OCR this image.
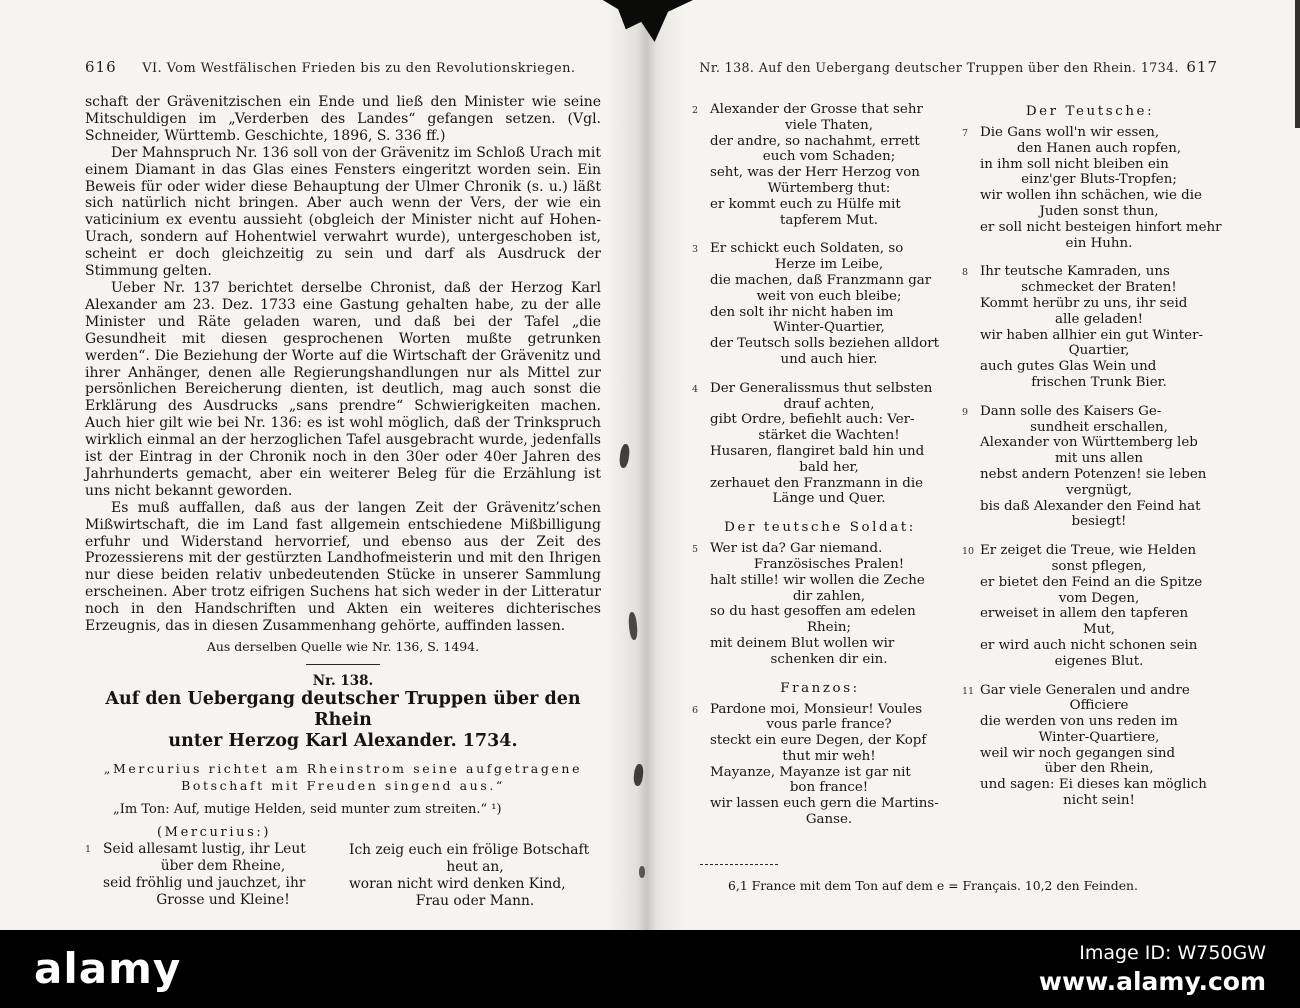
616	VI. Vom Westfälischen Frieden bis zu den Revolutionskriegen.

schaft der Grävenitzischen ein Ende und ließ den Minister wie seine Mitschuldigen im „Verderben des Landes“ gefangen setzen. (Vgl. Schneider, Württemb. Geschichte, 1896, S. 336 ff.)

Der Mahnspruch Nr. 136 soll von der Grävenitz im Schloß Urach mit einem Diamant in das Glas eines Fensters eingeritzt worden sein. Ein Beweis für oder wider diese Behauptung der Ulmer Chronik (s. u.) läßt sich natürlich nicht bringen. Aber auch wenn der Vers, der wie ein vaticinium ex eventu aussieht (obgleich der Minister nicht auf Hohen-Urach, sondern auf Hohentwiel verwahrt wurde), untergeschoben ist, scheint er doch gleichzeitig zu sein und darf als Ausdruck der Stimmung gelten.

Ueber Nr. 137 berichtet derselbe Chronist, daß der Herzog Karl Alexander am 23. Dez. 1733 eine Gastung gehalten habe, zu der alle Minister und Räte geladen waren, und daß bei der Tafel „die Gesundheit mit diesen gesprochenen Worten mußte getrunken werden“. Die Beziehung der Worte auf die Wirtschaft der Grävenitz und ihrer Anhänger, denen alle Regierungshandlungen nur als Mittel zur persönlichen Bereicherung dienten, ist deutlich, mag auch sonst die Erklärung des Ausdrucks „sans prendre“ Schwierigkeiten machen. Auch hier gilt wie bei Nr. 136: es ist wohl möglich, daß der Trinkspruch wirklich einmal an der herzoglichen Tafel ausgebracht wurde, jedenfalls ist der Eintrag in der Chronik noch in den 30er oder 40er Jahren des Jahrhunderts gemacht, aber ein weiterer Beleg für die Erzählung ist uns nicht bekannt geworden.

Es muß auffallen, daß aus der langen Zeit der Grävenitz’schen Mißwirtschaft, die im Land fast allgemein entschiedene Mißbilligung erfuhr und Widerstand hervorrief, und ebenso aus der Zeit des Prozessierens mit der gestürzten Landhofmeisterin und mit den Ihrigen nur diese beiden relativ unbedeutenden Stücke in unserer Sammlung erscheinen. Aber trotz eifrigen Suchens hat sich weder in der Litteratur noch in den Handschriften und Akten ein weiteres dichterisches Erzeugnis, das in diesen Zusammenhang gehörte, auffinden lassen.

Aus derselben Quelle wie Nr. 136, S. 1494.
Nr. 138.
Auf den Uebergang deutscher Truppen über den Rhein
unter Herzog Karl Alexander. 1734.
„Mercurius richtet am Rheinstrom seine aufgetragene
Botschaft mit Freuden singend aus.“
„Im Ton: Auf, mutige Helden, seid munter zum streiten.“ ¹)
(Mercurius:)
1 Seid allesamt lustig, ihr Leut
über dem Rheine,
seid fröhlig und jauchzet, ihr
Grosse und Kleine!
Ich zeig euch ein frölige Botschaft
heut an,
woran nicht wird denken Kind,
Frau oder Mann.
Nr. 138. Auf den Uebergang deutscher Truppen über den Rhein. 1734. 617
2 Alexander der Grosse that sehr
viele Thaten,
der andre, so nachahmt, errett
euch vom Schaden;
seht, was der Herr Herzog von
Würtemberg thut:
er kommt euch zu Hülfe mit
tapferem Mut.
3 Er schickt euch Soldaten, so
Herze im Leibe,
die machen, daß Franzmann gar
weit von euch bleibe;
den solt ihr nicht haben im
Winter-Quartier,
der Teutsch solls beziehen alldort
und auch hier.
4 Der Generalissmus thut selbsten
drauf achten,
gibt Ordre, befiehlt auch: Ver-
stärket die Wachten!
Husaren, flangiret bald hin und
bald her,
zerhauet den Franzmann in die
Länge und Quer.
Der teutsche Soldat:
5 Wer ist da? Gar niemand.
Französisches Pralen!
halt stille! wir wollen die Zeche
dir zahlen,
so du hast gesoffen am edelen
Rhein;
mit deinem Blut wollen wir
schenken dir ein.
Franzos:
6 Pardone moi, Monsieur! Voules
vous parle france?
steckt ein eure Degen, der Kopf
thut mir weh!
Mayanze, Mayanze ist gar nit
bon france!
wir lassen euch gern die Martins-
Ganse.
Der Teutsche:
7 Die Gans woll'n wir essen,
den Hanen auch ropfen,
in ihm soll nicht bleiben ein
einz'ger Bluts-Tropfen;
wir wollen ihn schächen, wie die
Juden sonst thun,
er soll nicht besteigen hinfort mehr
ein Huhn.
8 Ihr teutsche Kamraden, uns
schmecket der Braten!
Kommt herübr zu uns, ihr seid
alle geladen!
wir haben allhier ein gut Winter-
Quartier,
auch gutes Glas Wein und
frischen Trunk Bier.
9 Dann solle des Kaisers Ge-
sundheit erschallen,
Alexander von Württemberg leb
mit uns allen
nebst andern Potenzen! sie leben
vergnügt,
bis daß Alexander den Feind hat
besiegt!
10 Er zeiget die Treue, wie Helden
sonst pflegen,
er bietet den Feind an die Spitze
vom Degen,
erweiset in allem den tapferen
Mut,
er wird auch nicht schonen sein
eigenes Blut.
11 Gar viele Generalen und andre
Officiere
die werden von uns reden im
Winter-Quartiere,
weil wir noch gegangen sind
über den Rhein,
und sagen: Ei dieses kan möglich
nicht sein!
6,1 France mit dem Ton auf dem e = Français. 10,2 den Feinden.
alamy	Image ID: W750GW
www.alamy.com
